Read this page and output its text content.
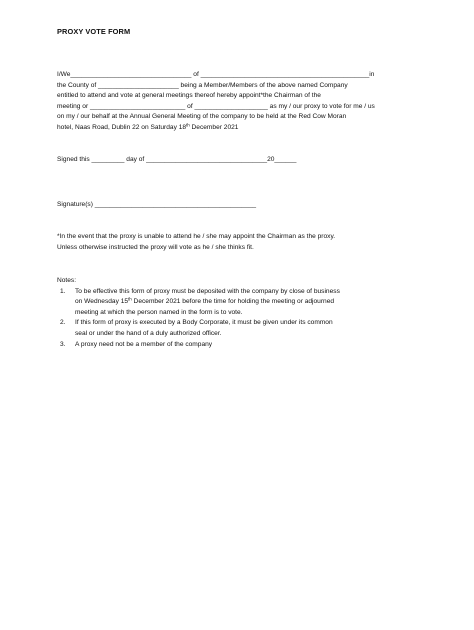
PROXY VOTE FORM
I/We_________________________________ of ______________________________________________in
the County of ______________________ being a Member/Members of the above named Company
entitled to attend and vote at general meetings thereof hereby appoint*the Chairman of the
meeting or __________________________ of ____________________ as my / our proxy to vote for me / us
on my / our behalf at the Annual General Meeting of the company to be held at the Red Cow Moran
hotel, Naas Road, Dublin 22 on Saturday 18th December 2021
Signed this _________ day of _________________________________20______
Signature(s) ____________________________________________
*In the event that the proxy is unable to attend he / she may appoint the Chairman as the proxy.
Unless otherwise instructed the proxy will vote as he / she thinks fit.
Notes:
1. To be effective this form of proxy must be deposited with the company by close of business
on Wednesday 15th December 2021 before the time for holding the meeting or adjourned
meeting at which the person named in the form is to vote.
2. If this form of proxy is executed by a Body Corporate, it must be given under its common
seal or under the hand of a duly authorized officer.
3. A proxy need not be a member of the company
